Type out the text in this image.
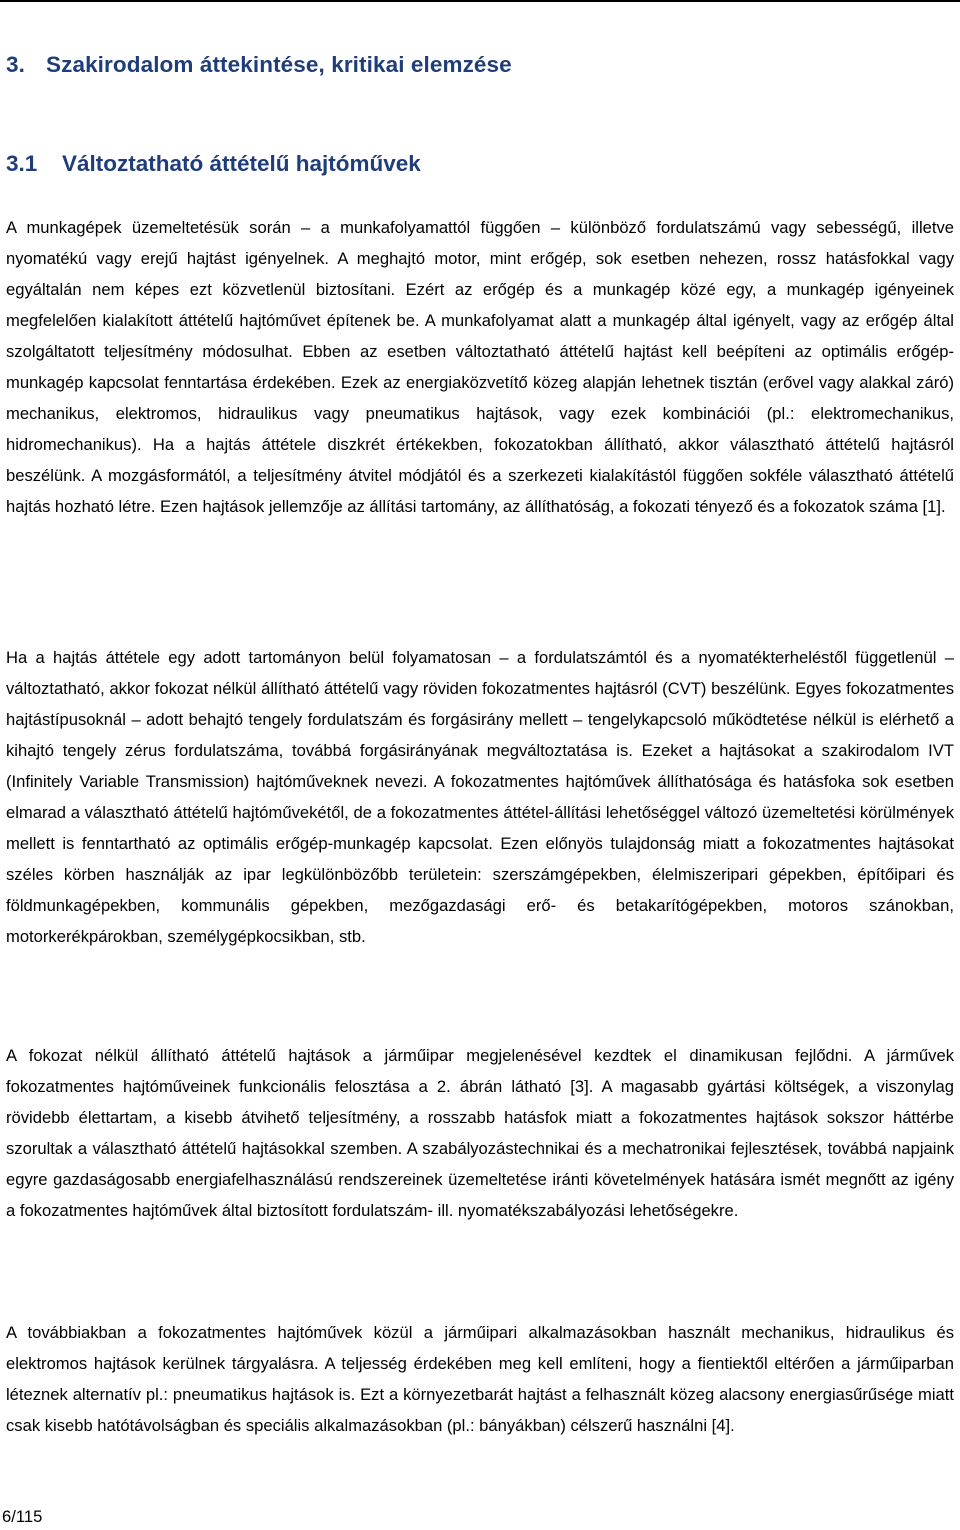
3. Szakirodalom áttekintése, kritikai elemzése
3.1 Változtatható áttételű hajtóművek

A munkagépek üzemeltetésük során – a munkafolyamattól függően – különböző fordulatszámú vagy sebességű, illetve nyomatékú vagy erejű hajtást igényelnek. A meghajtó motor, mint erőgép, sok esetben nehezen, rossz hatásfokkal vagy egyáltalán nem képes ezt közvetlenül biztosítani. Ezért az erőgép és a munkagép közé egy, a munkagép igényeinek megfelelően kialakított áttételű hajtóművet építenek be. A munkafolyamat alatt a munkagép által igényelt, vagy az erőgép által szolgáltatott teljesítmény módosulhat. Ebben az esetben változtatható áttételű hajtást kell beépíteni az optimális erőgép-munkagép kapcsolat fenntartása érdekében. Ezek az energiaközvetítő közeg alapján lehetnek tisztán (erővel vagy alakkal záró) mechanikus, elektromos, hidraulikus vagy pneumatikus hajtások, vagy ezek kombinációi (pl.: elektromechanikus, hidromechanikus). Ha a hajtás áttétele diszkrét értékekben, fokozatokban állítható, akkor választható áttételű hajtásról beszélünk. A mozgásformától, a teljesítmény átvitel módjától és a szerkezeti kialakítástól függően sokféle választható áttételű hajtás hozható létre. Ezen hajtások jellemzője az állítási tartomány, az állíthatóság, a fokozati tényező és a fokozatok száma [1].

Ha a hajtás áttétele egy adott tartományon belül folyamatosan – a fordulatszámtól és a nyomatékterheléstől függetlenül – változtatható, akkor fokozat nélkül állítható áttételű vagy röviden fokozatmentes hajtásról (CVT) beszélünk. Egyes fokozatmentes hajtástípusoknál – adott behajtó tengely fordulatszám és forgásirány mellett – tengelykapcsoló működtetése nélkül is elérhető a kihajtó tengely zérus fordulatszáma, továbbá forgásirányának megváltoztatása is. Ezeket a hajtásokat a szakirodalom IVT (Infinitely Variable Transmission) hajtóműveknek nevezi. A fokozatmentes hajtóművek állíthatósága és hatásfoka sok esetben elmarad a választható áttételű hajtóművekétől, de a fokozatmentes áttétel-állítási lehetőséggel változó üzemeltetési körülmények mellett is fenntartható az optimális erőgép-munkagép kapcsolat. Ezen előnyös tulajdonság miatt a fokozatmentes hajtásokat széles körben használják az ipar legkülönbözőbb területein: szerszámgépekben, élelmiszeripari gépekben, építőipari és földmunkagépekben, kommunális gépekben, mezőgazdasági erő- és betakarítógépekben, motoros szánokban, motorkerékpárokban, személygépkocsikban, stb.

A fokozat nélkül állítható áttételű hajtások a járműipar megjelenésével kezdtek el dinamikusan fejlődni. A járművek fokozatmentes hajtóműveinek funkcionális felosztása a 2. ábrán látható [3]. A magasabb gyártási költségek, a viszonylag rövidebb élettartam, a kisebb átvihető teljesítmény, a rosszabb hatásfok miatt a fokozatmentes hajtások sokszor háttérbe szorultak a választható áttételű hajtásokkal szemben. A szabályozástechnikai és a mechatronikai fejlesztések, továbbá napjaink egyre gazdaságosabb energiafelhasználású rendszereinek üzemeltetése iránti követelmények hatására ismét megnőtt az igény a fokozatmentes hajtóművek által biztosított fordulatszám- ill. nyomatékszabályozási lehetőségekre.

A továbbiakban a fokozatmentes hajtóművek közül a járműipari alkalmazásokban használt mechanikus, hidraulikus és elektromos hajtások kerülnek tárgyalásra. A teljesség érdekében meg kell említeni, hogy a fientiektől eltérően a járműiparban léteznek alternatív pl.: pneumatikus hajtások is. Ezt a környezetbarát hajtást a felhasznált közeg alacsony energiasűrűsége miatt csak kisebb hatótávolságban és speciális alkalmazásokban (pl.: bányákban) célszerű használni [4].

6/115
